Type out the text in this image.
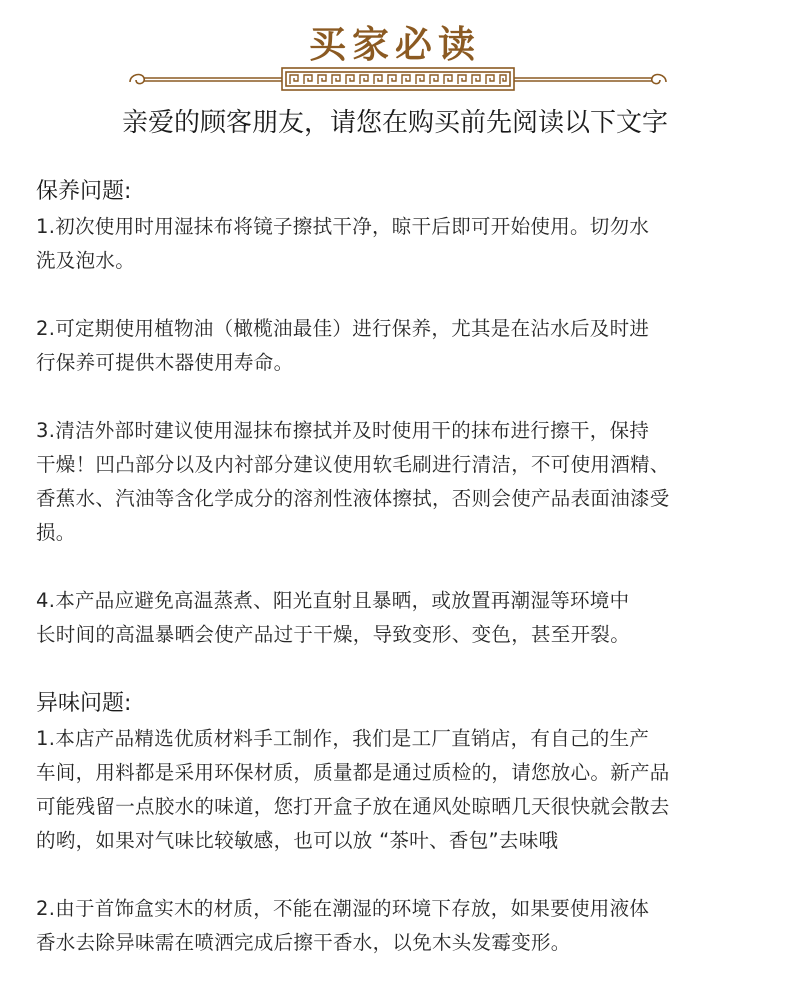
买家必读
亲爱的顾客朋友，请您在购买前先阅读以下文字

保养问题:

1.初次使用时用湿抹布将镜子擦拭干净，晾干后即可开始使用。切勿水

洗及泡水。

2.可定期使用植物油（橄榄油最佳）进行保养，尤其是在沾水后及时进

行保养可提供木器使用寿命。

3.清洁外部时建议使用湿抹布擦拭并及时使用干的抹布进行擦干，保持

干燥！凹凸部分以及内衬部分建议使用软毛刷进行清洁，不可使用酒精、

香蕉水、汽油等含化学成分的溶剂性液体擦拭，否则会使产品表面油漆受

损。

4.本产品应避免高温蒸煮、阳光直射且暴晒，或放置再潮湿等环境中

长时间的高温暴晒会使产品过于干燥，导致变形、变色，甚至开裂。

异味问题:

1.本店产品精选优质材料手工制作，我们是工厂直销店，有自己的生产

车间，用料都是采用环保材质，质量都是通过质检的，请您放心。新产品

可能残留一点胶水的味道，您打开盒子放在通风处晾晒几天很快就会散去

的哟，如果对气味比较敏感，也可以放 “茶叶、香包”去味哦

2.由于首饰盒实木的材质，不能在潮湿的环境下存放，如果要使用液体

香水去除异味需在喷洒完成后擦干香水，以免木头发霉变形。
